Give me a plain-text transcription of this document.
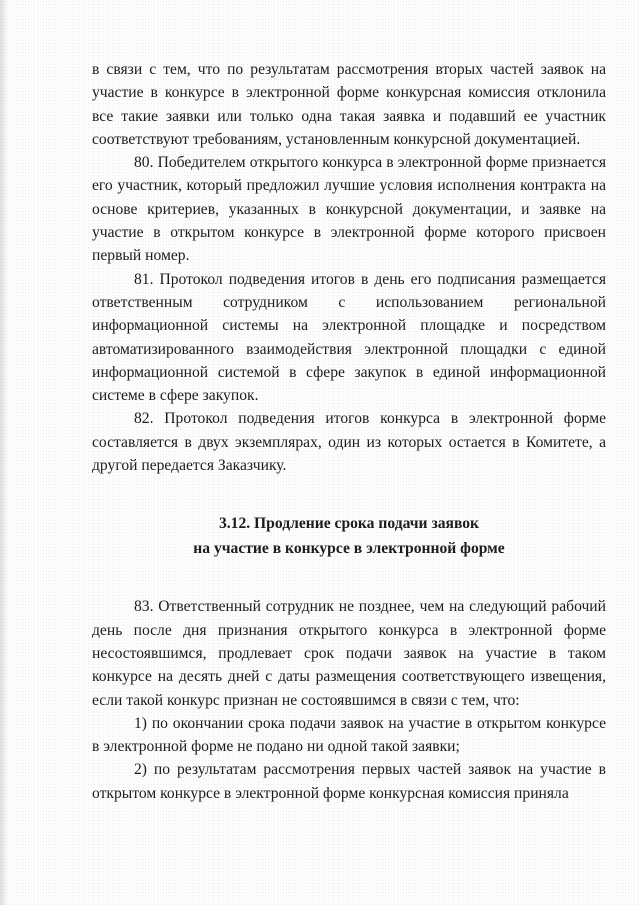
в связи с тем, что по результатам рассмотрения вторых частей заявок на участие в конкурсе в электронной форме конкурсная комиссия отклонила все такие заявки или только одна такая заявка и подавший ее участник соответствуют требованиям, установленным конкурсной документацией.

80. Победителем открытого конкурса в электронной форме признается его участник, который предложил лучшие условия исполнения контракта на основе критериев, указанных в конкурсной документации, и заявке на участие в открытом конкурсе в электронной форме которого присвоен первый номер.

81. Протокол подведения итогов в день его подписания размещается ответственным сотрудником с использованием региональной информационной системы на электронной площадке и посредством автоматизированного взаимодействия электронной площадки с единой информационной системой в сфере закупок в единой информационной системе в сфере закупок.

82. Протокол подведения итогов конкурса в электронной форме составляется в двух экземплярах, один из которых остается в Комитете, а другой передается Заказчику.

3.12. Продление срока подачи заявок
на участие в конкурсе в электронной форме

83. Ответственный сотрудник не позднее, чем на следующий рабочий день после дня признания открытого конкурса в электронной форме несостоявшимся, продлевает срок подачи заявок на участие в таком конкурсе на десять дней с даты размещения соответствующего извещения, если такой конкурс признан не состоявшимся в связи с тем, что:

1) по окончании срока подачи заявок на участие в открытом конкурсе в электронной форме не подано ни одной такой заявки;

2) по результатам рассмотрения первых частей заявок на участие в открытом конкурсе в электронной форме конкурсная комиссия приняла
